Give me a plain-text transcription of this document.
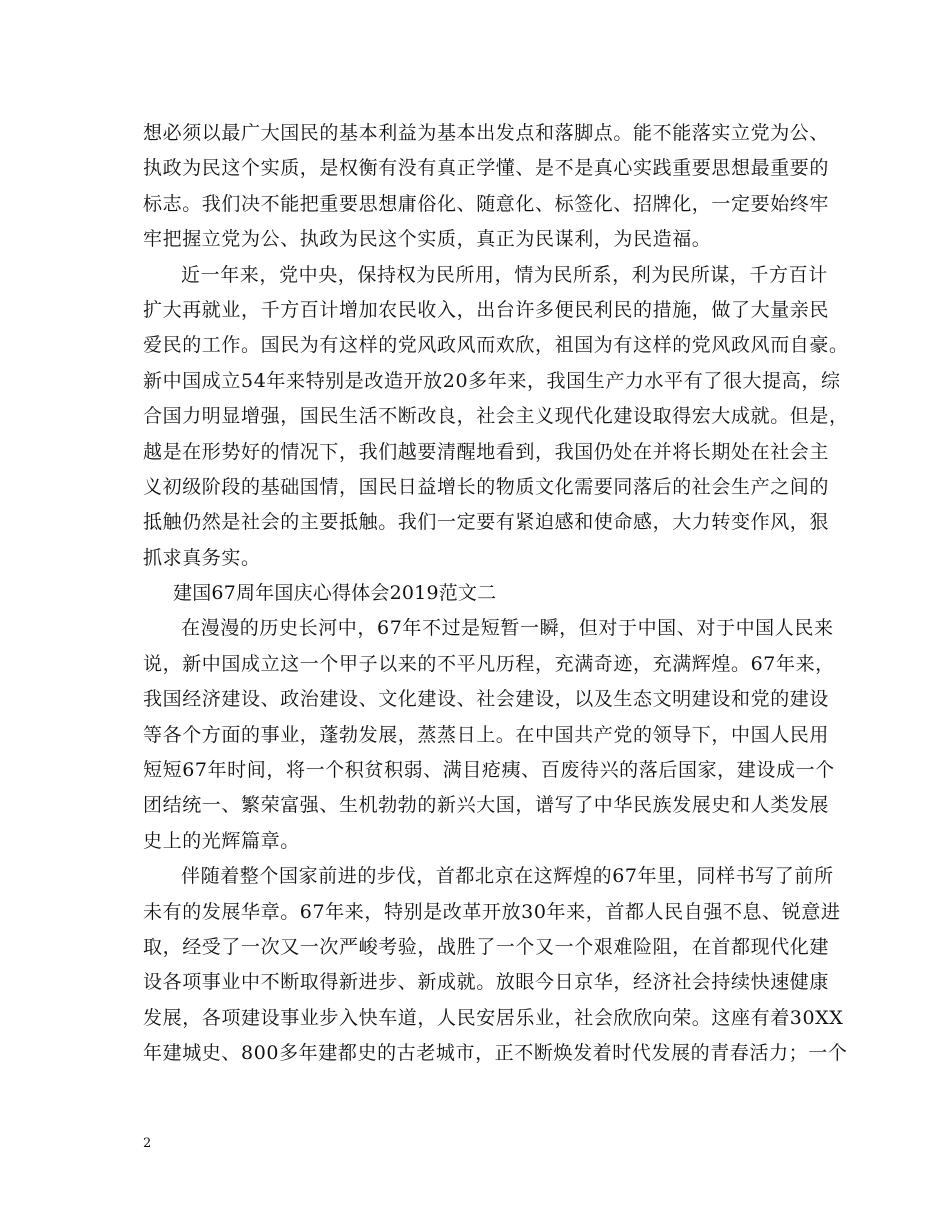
想必须以最广大国民的基本利益为基本出发点和落脚点。能不能落实立党为公、
执政为民这个实质，是权衡有没有真正学懂、是不是真心实践重要思想最重要的
标志。我们决不能把重要思想庸俗化、随意化、标签化、招牌化，一定要始终牢
牢把握立党为公、执政为民这个实质，真正为民谋利，为民造福。
近一年来，党中央，保持权为民所用，情为民所系，利为民所谋，千方百计
扩大再就业，千方百计增加农民收入，出台许多便民利民的措施，做了大量亲民
爱民的工作。国民为有这样的党风政风而欢欣，祖国为有这样的党风政风而自豪。
新中国成立54年来特别是改造开放20多年来，我国生产力水平有了很大提高，综
合国力明显增强，国民生活不断改良，社会主义现代化建设取得宏大成就。但是，
越是在形势好的情况下，我们越要清醒地看到，我国仍处在并将长期处在社会主
义初级阶段的基础国情，国民日益增长的物质文化需要同落后的社会生产之间的
抵触仍然是社会的主要抵触。我们一定要有紧迫感和使命感，大力转变作风，狠
抓求真务实。
建国67周年国庆心得体会2019范文二
在漫漫的历史长河中，67年不过是短暂一瞬，但对于中国、对于中国人民来
说，新中国成立这一个甲子以来的不平凡历程，充满奇迹，充满辉煌。67年来，
我国经济建设、政治建设、文化建设、社会建设，以及生态文明建设和党的建设
等各个方面的事业，蓬勃发展，蒸蒸日上。在中国共产党的领导下，中国人民用
短短67年时间，将一个积贫积弱、满目疮痍、百废待兴的落后国家，建设成一个
团结统一、繁荣富强、生机勃勃的新兴大国，谱写了中华民族发展史和人类发展
史上的光辉篇章。
伴随着整个国家前进的步伐，首都北京在这辉煌的67年里，同样书写了前所
未有的发展华章。67年来，特别是改革开放30年来，首都人民自强不息、锐意进
取，经受了一次又一次严峻考验，战胜了一个又一个艰难险阻，在首都现代化建
设各项事业中不断取得新进步、新成就。放眼今日京华，经济社会持续快速健康
发展，各项建设事业步入快车道，人民安居乐业，社会欣欣向荣。这座有着30XX
年建城史、800多年建都史的古老城市，正不断焕发着时代发展的青春活力；一个
2
